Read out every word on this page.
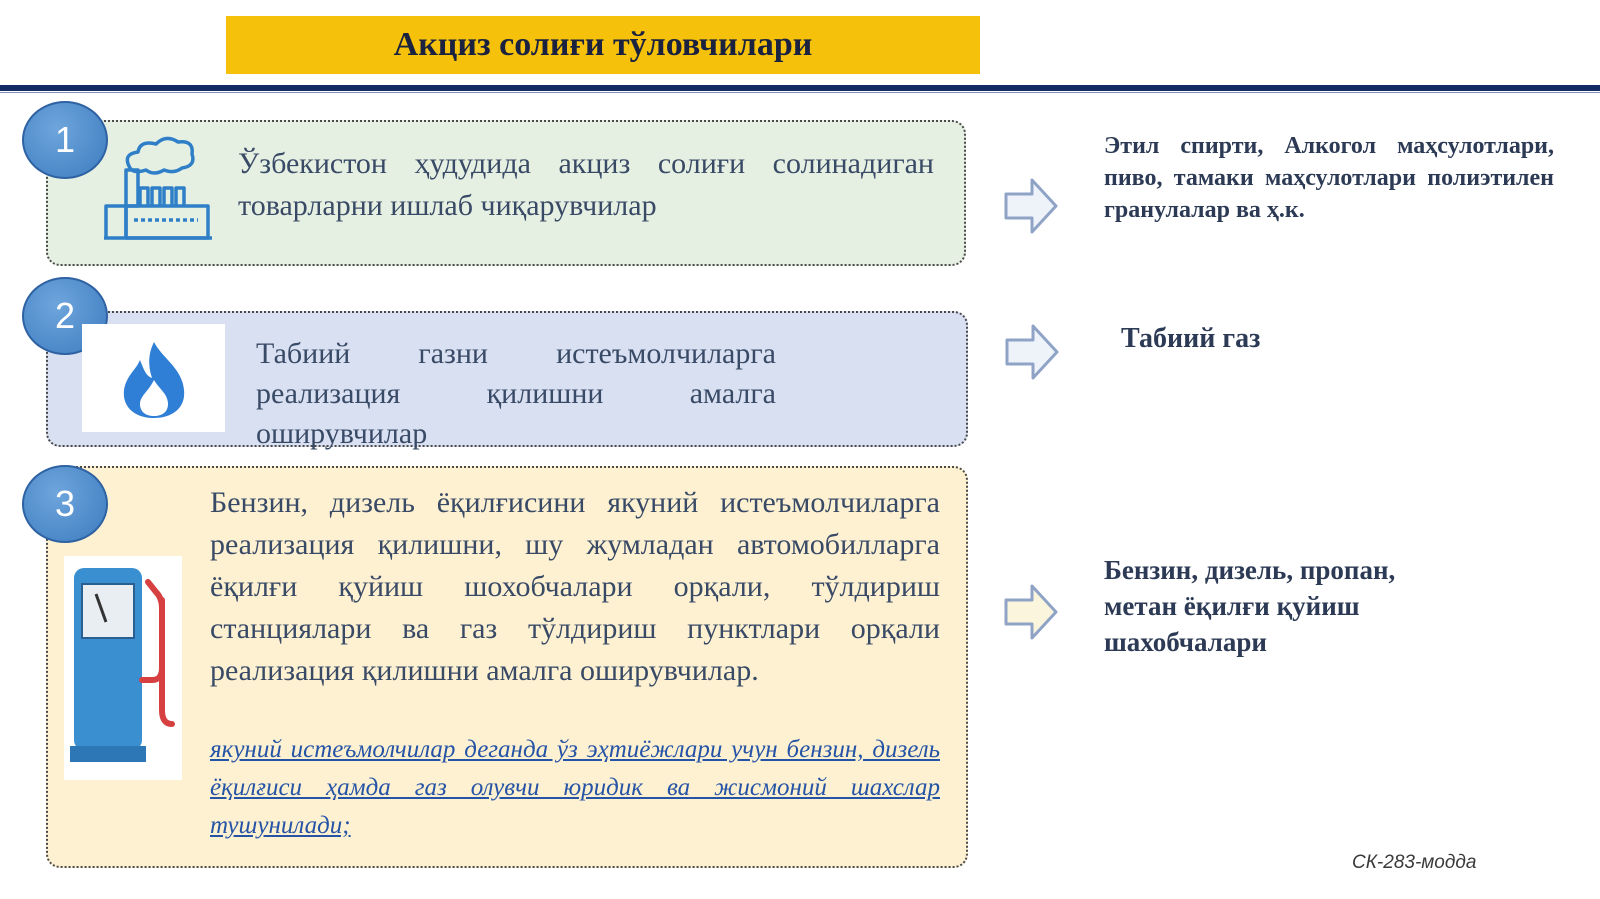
Акциз солиғи тўловчилари
1
2
3
Ўзбекистон ҳудудида акциз солиғи солинадиган товарларни ишлаб чиқарувчилар
Табиий газни истеъмолчиларга реализация қилишни амалга оширувчилар
Бензин, дизель ёқилғисини якуний истеъмолчиларга реализация қилишни, шу жумладан автомобилларга ёқилғи қуйиш шохобчалари орқали, тўлдириш станциялари ва газ тўлдириш пунктлари орқали реализация қилишни амалга оширувчилар.
якуний истеъмолчилар деганда ўз эҳтиёжлари учун бензин, дизель ёқилғиси ҳамда газ олувчи юридик ва жисмоний шахслар тушунилади;
Этил спирти, Алкогол маҳсулотлари, пиво, тамаки маҳсулотлари полиэтилен гранулалар ва ҳ.к.
Табиий газ
Бензин, дизель, пропан, метан ёқилғи қуйиш шахобчалари
СК-283-модда
